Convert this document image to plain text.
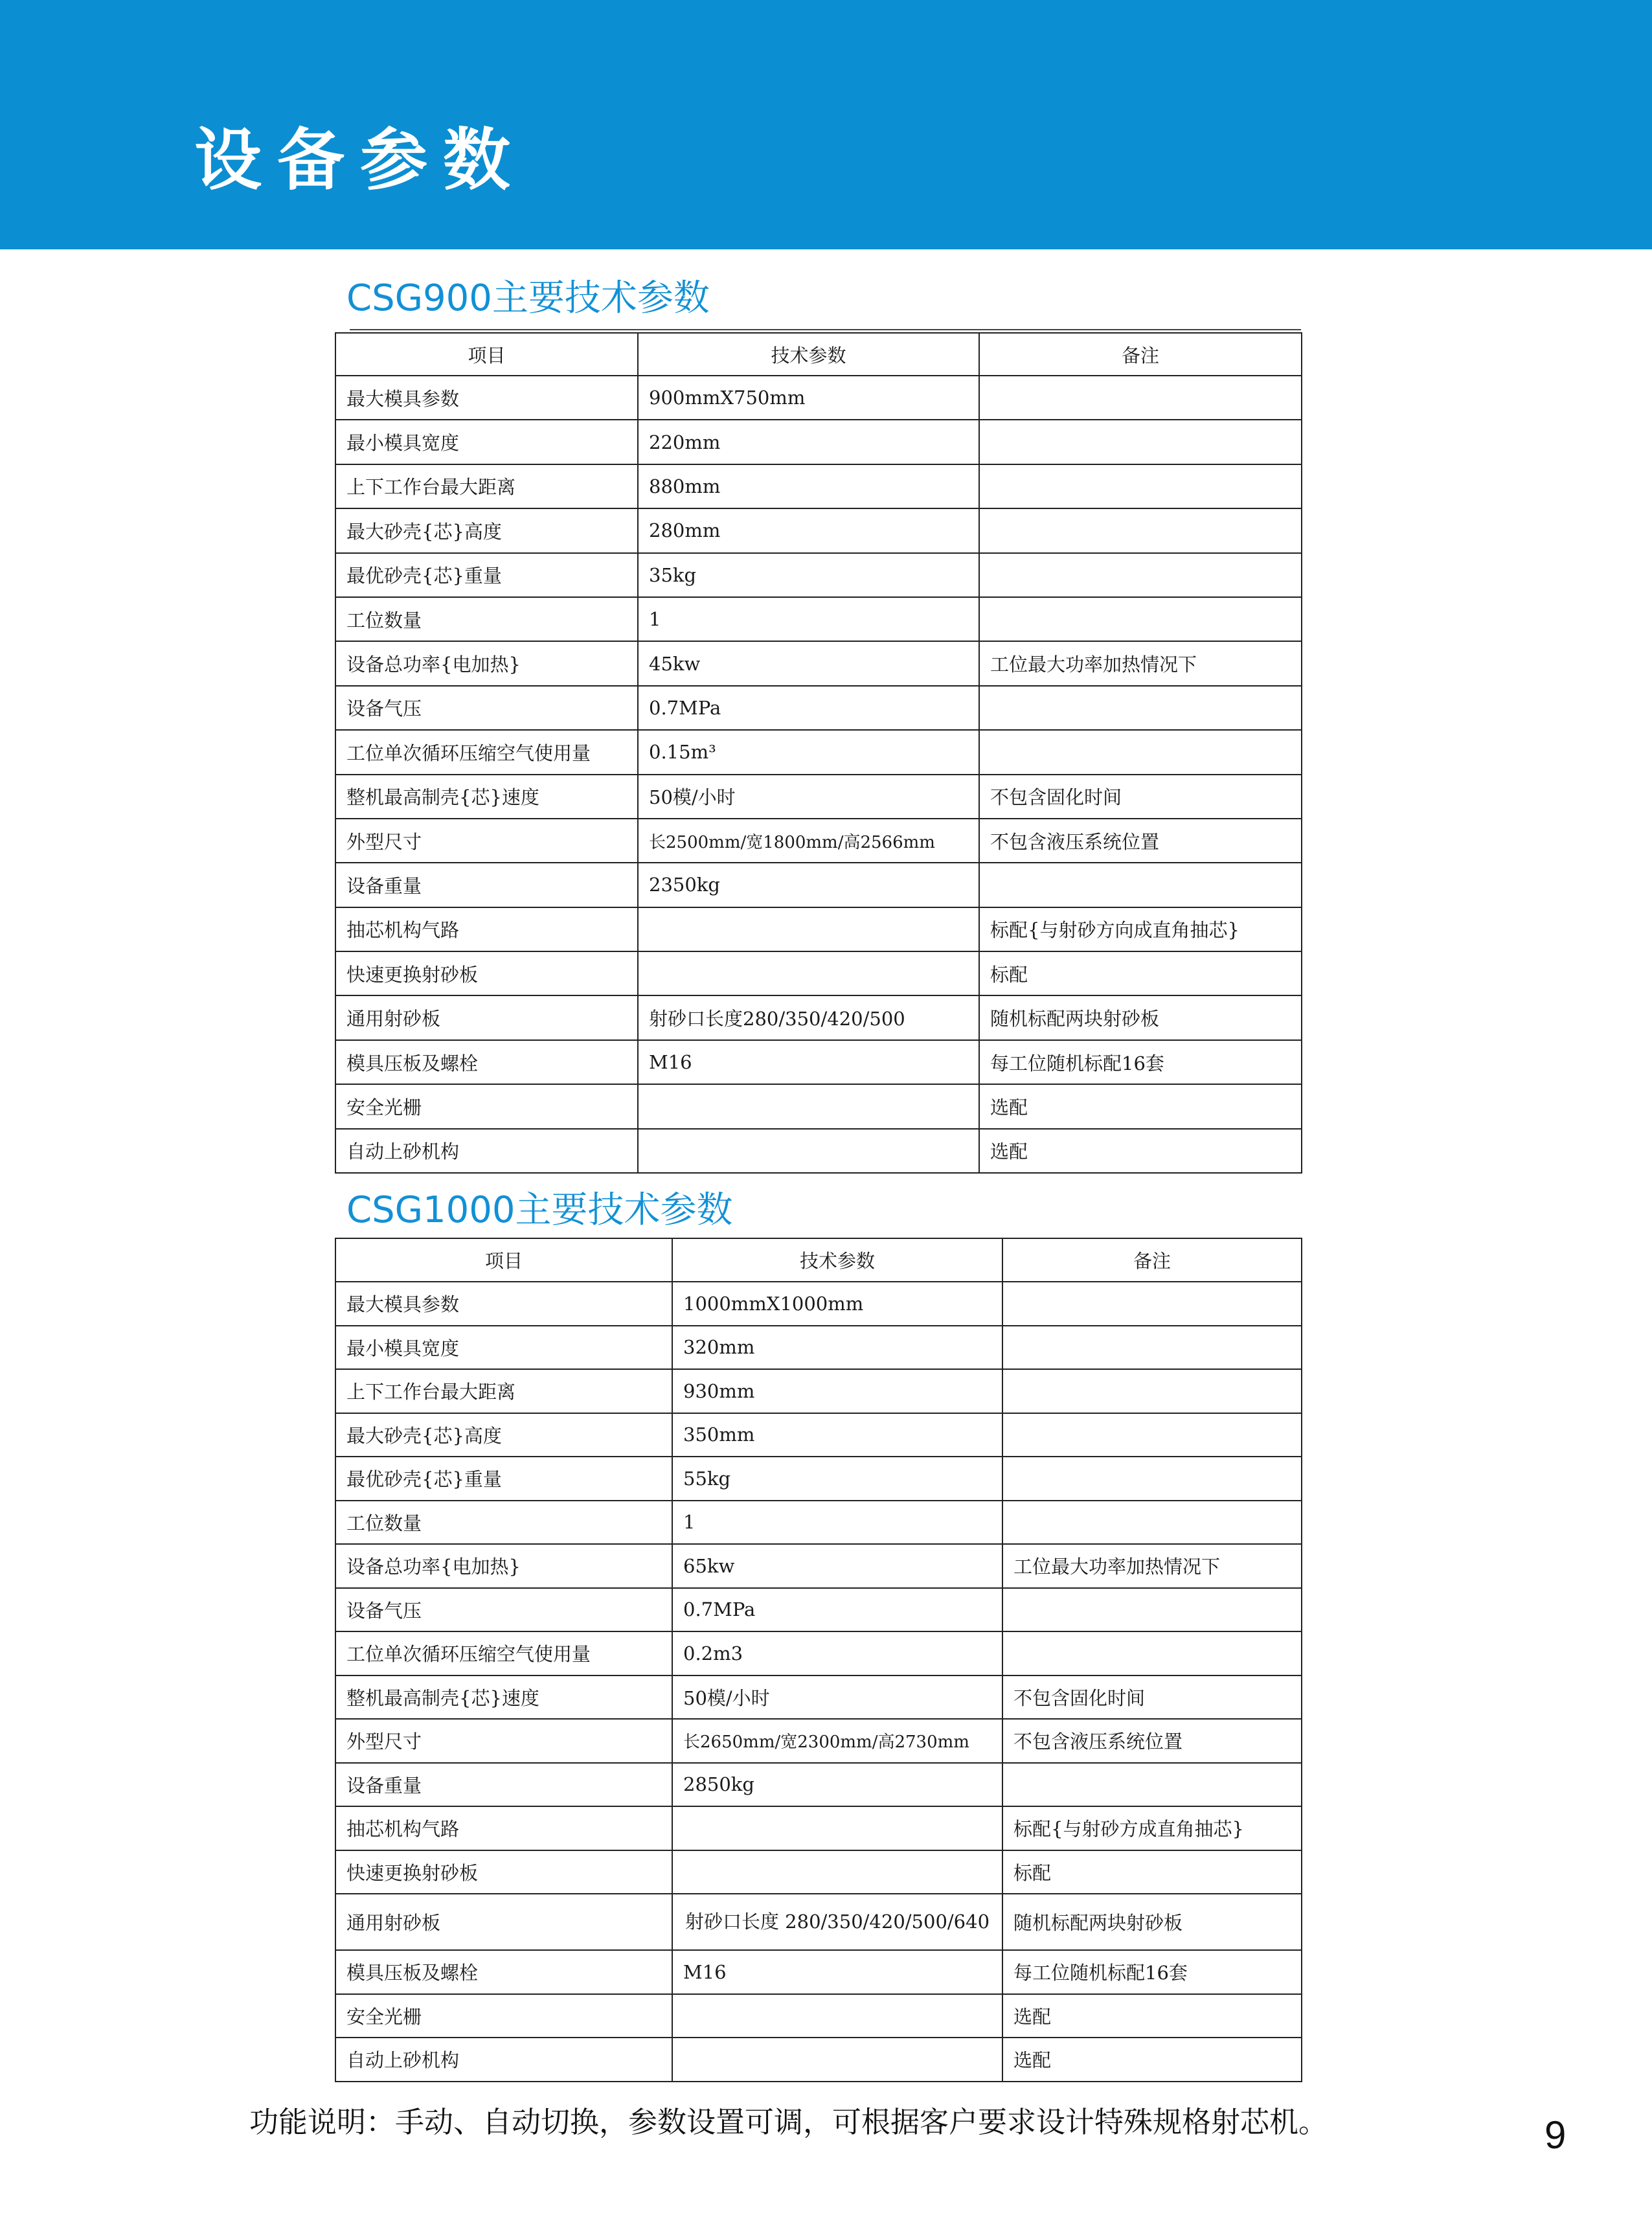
设备参数
CSG900主要技术参数
项目	技术参数	备注
最大模具参数	900mmX750mm	
最小模具宽度	220mm	
上下工作台最大距离	880mm	
最大砂壳{芯}高度	280mm	
最优砂壳{芯}重量	35kg	
工位数量	1	
设备总功率{电加热}	45kw	工位最大功率加热情况下
设备气压	0.7MPa	
工位单次循环压缩空气使用量	0.15m³	
整机最高制壳{芯}速度	50模/小时	不包含固化时间
外型尺寸	长2500mm/宽1800mm/高2566mm	不包含液压系统位置
设备重量	2350kg	
抽芯机构气路		标配{与射砂方向成直角抽芯}
快速更换射砂板		标配
通用射砂板	射砂口长度280/350/420/500	随机标配两块射砂板
模具压板及螺栓	M16	每工位随机标配16套
安全光栅		选配
自动上砂机构		选配
CSG1000主要技术参数
项目	技术参数	备注
最大模具参数	1000mmX1000mm	
最小模具宽度	320mm	
上下工作台最大距离	930mm	
最大砂壳{芯}高度	350mm	
最优砂壳{芯}重量	55kg	
工位数量	1	
设备总功率{电加热}	65kw	工位最大功率加热情况下
设备气压	0.7MPa	
工位单次循环压缩空气使用量	0.2m3	
整机最高制壳{芯}速度	50模/小时	不包含固化时间
外型尺寸	长2650mm/宽2300mm/高2730mm	不包含液压系统位置
设备重量	2850kg	
抽芯机构气路		标配{与射砂方成直角抽芯}
快速更换射砂板		标配
通用射砂板	射砂口长度 280/350/420/500/640	随机标配两块射砂板
模具压板及螺栓	M16	每工位随机标配16套
安全光栅		选配
自动上砂机构		选配
功能说明：手动、自动切换，参数设置可调，可根据客户要求设计特殊规格射芯机。	9
